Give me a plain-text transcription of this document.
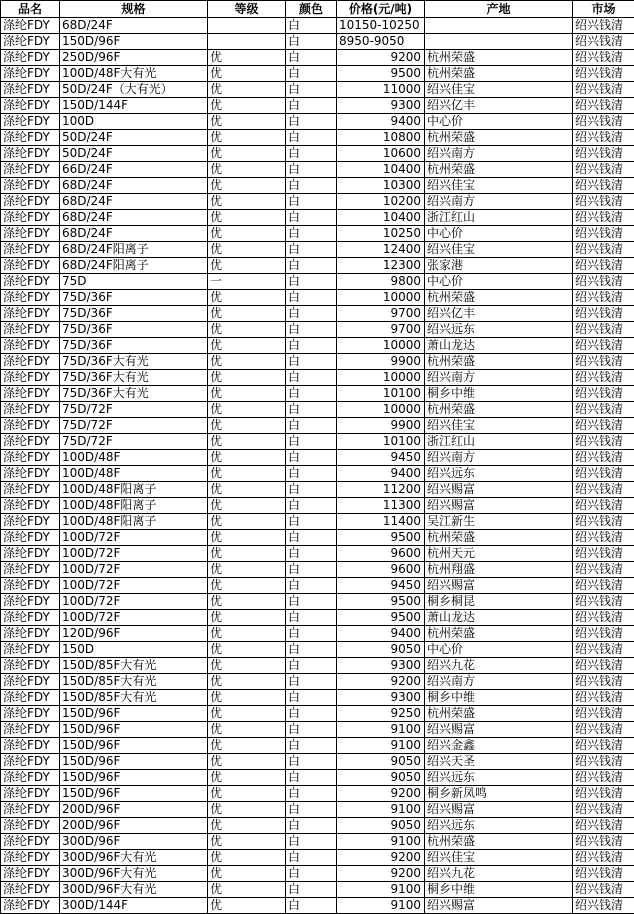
品名	规格	等级	颜色	价格(元/吨)	产地	市场
涤纶FDY	68D/24F		白	10150-10250		绍兴钱清
涤纶FDY	150D/96F		白	8950-9050		绍兴钱清
涤纶FDY	250D/96F	优	白	9200	杭州荣盛	绍兴钱清
涤纶FDY	100D/48F大有光	优	白	9500	杭州荣盛	绍兴钱清
涤纶FDY	50D/24F（大有光）	优	白	11000	绍兴佳宝	绍兴钱清
涤纶FDY	150D/144F	优	白	9300	绍兴亿丰	绍兴钱清
涤纶FDY	100D	优	白	9400	中心价	绍兴钱清
涤纶FDY	50D/24F	优	白	10800	杭州荣盛	绍兴钱清
涤纶FDY	50D/24F	优	白	10600	绍兴南方	绍兴钱清
涤纶FDY	66D/24F	优	白	10400	杭州荣盛	绍兴钱清
涤纶FDY	68D/24F	优	白	10300	绍兴佳宝	绍兴钱清
涤纶FDY	68D/24F	优	白	10200	绍兴南方	绍兴钱清
涤纶FDY	68D/24F	优	白	10400	浙江红山	绍兴钱清
涤纶FDY	68D/24F	优	白	10250	中心价	绍兴钱清
涤纶FDY	68D/24F阳离子	优	白	12400	绍兴佳宝	绍兴钱清
涤纶FDY	68D/24F阳离子	优	白	12300	张家港	绍兴钱清
涤纶FDY	75D	一	白	9800	中心价	绍兴钱清
涤纶FDY	75D/36F	优	白	10000	杭州荣盛	绍兴钱清
涤纶FDY	75D/36F	优	白	9700	绍兴亿丰	绍兴钱清
涤纶FDY	75D/36F	优	白	9700	绍兴远东	绍兴钱清
涤纶FDY	75D/36F	优	白	10000	萧山龙达	绍兴钱清
涤纶FDY	75D/36F大有光	优	白	9900	杭州荣盛	绍兴钱清
涤纶FDY	75D/36F大有光	优	白	10000	绍兴南方	绍兴钱清
涤纶FDY	75D/36F大有光	优	白	10100	桐乡中维	绍兴钱清
涤纶FDY	75D/72F	优	白	10000	杭州荣盛	绍兴钱清
涤纶FDY	75D/72F	优	白	9900	绍兴佳宝	绍兴钱清
涤纶FDY	75D/72F	优	白	10100	浙江红山	绍兴钱清
涤纶FDY	100D/48F	优	白	9450	绍兴南方	绍兴钱清
涤纶FDY	100D/48F	优	白	9400	绍兴远东	绍兴钱清
涤纶FDY	100D/48F阳离子	优	白	11200	绍兴赐富	绍兴钱清
涤纶FDY	100D/48F阳离子	优	白	11300	绍兴赐富	绍兴钱清
涤纶FDY	100D/48F阳离子	优	白	11400	吴江新生	绍兴钱清
涤纶FDY	100D/72F	优	白	9500	杭州荣盛	绍兴钱清
涤纶FDY	100D/72F	优	白	9600	杭州天元	绍兴钱清
涤纶FDY	100D/72F	优	白	9600	杭州翔盛	绍兴钱清
涤纶FDY	100D/72F	优	白	9450	绍兴赐富	绍兴钱清
涤纶FDY	100D/72F	优	白	9500	桐乡桐昆	绍兴钱清
涤纶FDY	100D/72F	优	白	9500	萧山龙达	绍兴钱清
涤纶FDY	120D/96F	优	白	9400	杭州荣盛	绍兴钱清
涤纶FDY	150D	优	白	9050	中心价	绍兴钱清
涤纶FDY	150D/85F大有光	优	白	9300	绍兴九花	绍兴钱清
涤纶FDY	150D/85F大有光	优	白	9200	绍兴南方	绍兴钱清
涤纶FDY	150D/85F大有光	优	白	9300	桐乡中维	绍兴钱清
涤纶FDY	150D/96F	优	白	9250	杭州荣盛	绍兴钱清
涤纶FDY	150D/96F	优	白	9100	绍兴赐富	绍兴钱清
涤纶FDY	150D/96F	优	白	9100	绍兴金鑫	绍兴钱清
涤纶FDY	150D/96F	优	白	9050	绍兴天圣	绍兴钱清
涤纶FDY	150D/96F	优	白	9050	绍兴远东	绍兴钱清
涤纶FDY	150D/96F	优	白	9200	桐乡新凤鸣	绍兴钱清
涤纶FDY	200D/96F	优	白	9100	绍兴赐富	绍兴钱清
涤纶FDY	200D/96F	优	白	9050	绍兴远东	绍兴钱清
涤纶FDY	300D/96F	优	白	9100	杭州荣盛	绍兴钱清
涤纶FDY	300D/96F大有光	优	白	9200	绍兴佳宝	绍兴钱清
涤纶FDY	300D/96F大有光	优	白	9200	绍兴九花	绍兴钱清
涤纶FDY	300D/96F大有光	优	白	9100	桐乡中维	绍兴钱清
涤纶FDY	300D/144F	优	白	9100	绍兴赐富	绍兴钱清
